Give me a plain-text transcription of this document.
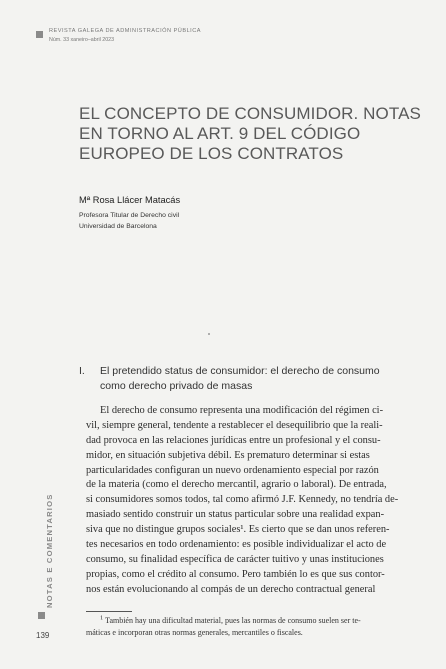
REVISTA GALEGA DE ADMINISTRACIÓN PÚBLICA
Núm. 33 xaneiro–abril 2023
EL CONCEPTO DE CONSUMIDOR. NOTAS
EN TORNO AL ART. 9 DEL CÓDIGO
EUROPEO DE LOS CONTRATOS
Mª Rosa Llácer Matacás
Profesora Titular de Derecho civil
Universidad de Barcelona
I. El pretendido status de consumidor: el derecho de consumo
como derecho privado de masas
El derecho de consumo representa una modificación del régimen ci-
vil, siempre general, tendente a restablecer el desequilibrio que la reali-
dad provoca en las relaciones jurídicas entre un profesional y el consu-
midor, en situación subjetiva débil. Es prematuro determinar si estas
particularidades configuran un nuevo ordenamiento especial por razón
de la materia (como el derecho mercantil, agrario o laboral). De entrada,
si consumidores somos todos, tal como afirmó J.F. Kennedy, no tendría de-
masiado sentido construir un status particular sobre una realidad expan-
siva que no distingue grupos sociales¹. Es cierto que se dan unos referen-
tes necesarios en todo ordenamiento: es posible individualizar el acto de
consumo, su finalidad específica de carácter tuitivo y unas instituciones
propias, como el crédito al consumo. Pero también lo es que sus contor-
nos están evolucionando al compás de un derecho contractual general
$^1$ También hay una dificultad material, pues las normas de consumo suelen ser te-
máticas e incorporan otras normas generales, mercantiles o fiscales.
NOTAS E COMENTARIOS
139
